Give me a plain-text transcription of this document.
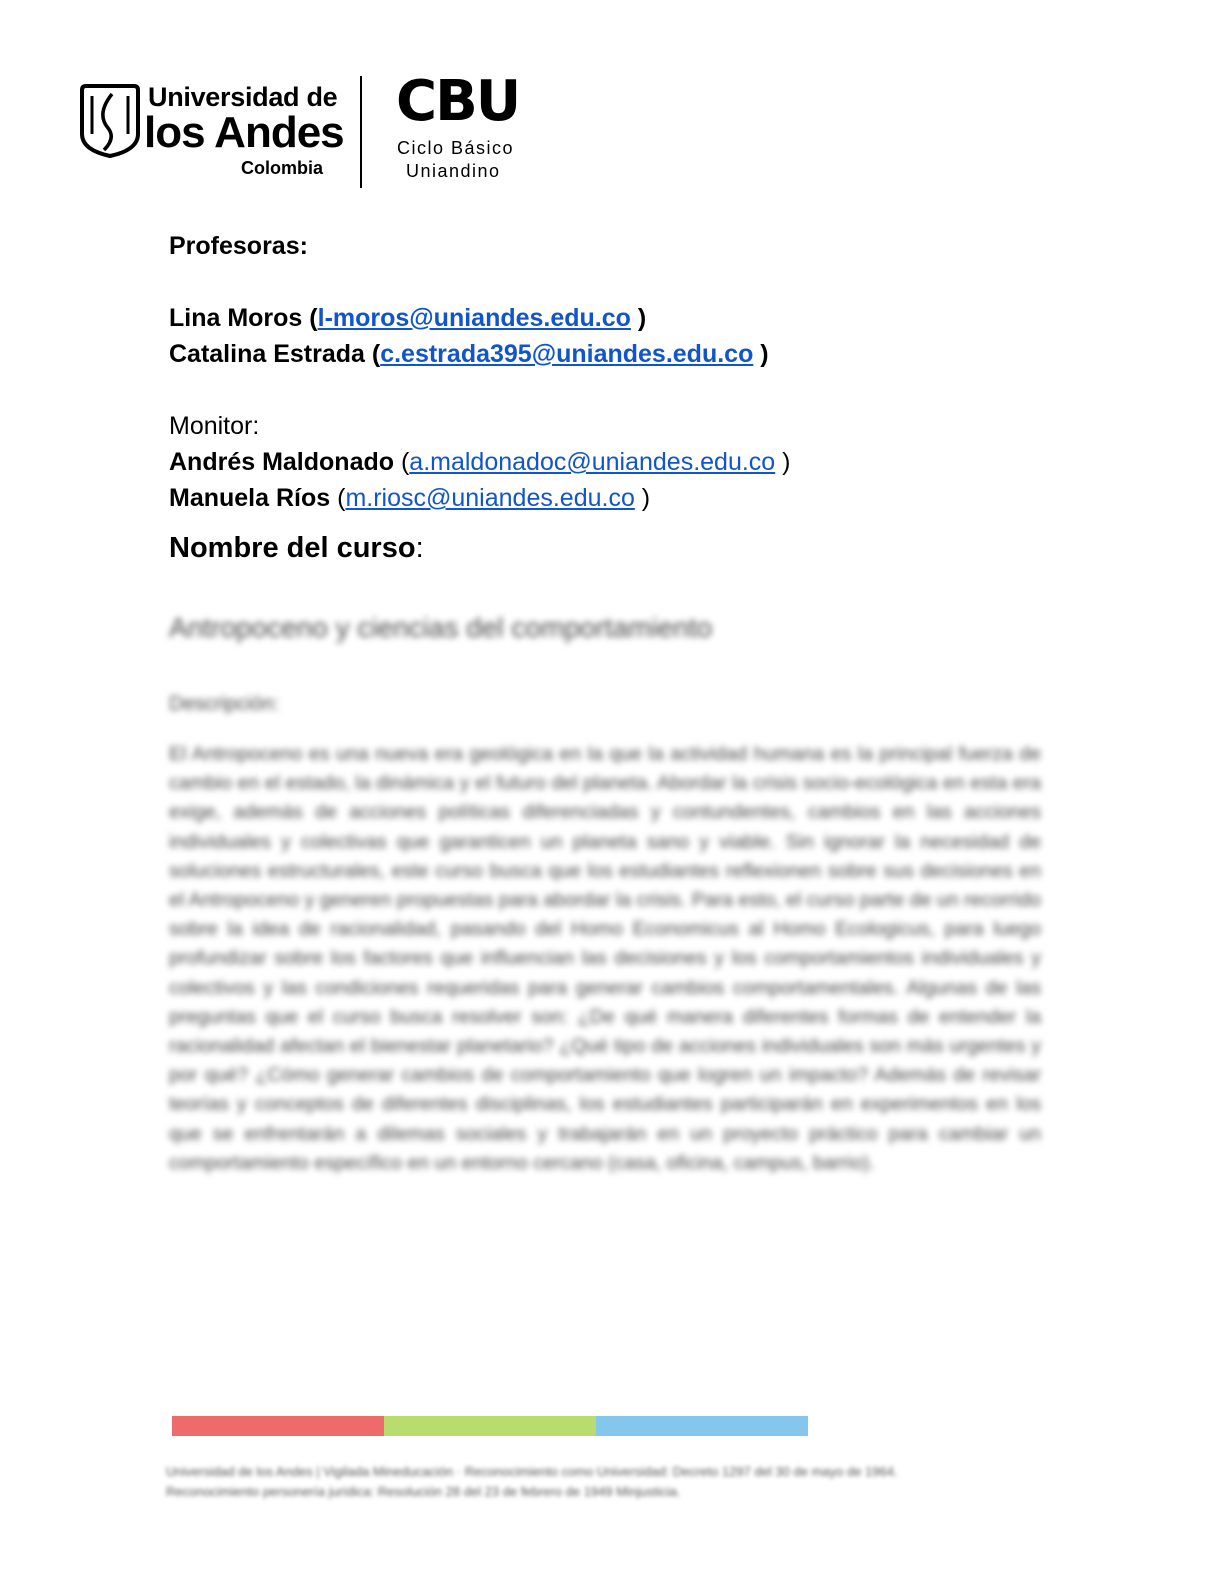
Universidad de
los Andes
Colombia
CBU
Ciclo Básico
Uniandino
Profesoras:
Lina Moros (l-moros@uniandes.edu.co )
Catalina Estrada (c.estrada395@uniandes.edu.co )
Monitor:
Andrés Maldonado (a.maldonadoc@uniandes.edu.co )
Manuela Ríos (m.riosc@uniandes.edu.co )
Nombre del curso:
Antropoceno y ciencias del comportamiento
Descripción:
El Antropoceno es una nueva era geológica en la que la actividad humana es la principal fuerza de cambio en el estado, la dinámica y el futuro del planeta. Abordar la crisis socio-ecológica en esta era exige, además de acciones políticas diferenciadas y contundentes, cambios en las acciones individuales y colectivas que garanticen un planeta sano y viable. Sin ignorar la necesidad de soluciones estructurales, este curso busca que los estudiantes reflexionen sobre sus decisiones en el Antropoceno y generen propuestas para abordar la crisis. Para esto, el curso parte de un recorrido sobre la idea de racionalidad, pasando del Homo Economicus al Homo Ecologicus, para luego profundizar sobre los factores que influencian las decisiones y los comportamientos individuales y colectivos y las condiciones requeridas para generar cambios comportamentales. Algunas de las preguntas que el curso busca resolver son: ¿De qué manera diferentes formas de entender la racionalidad afectan el bienestar planetario? ¿Qué tipo de acciones individuales son más urgentes y por qué? ¿Cómo generar cambios de comportamiento que logren un impacto? Además de revisar teorías y conceptos de diferentes disciplinas, los estudiantes participarán en experimentos en los que se enfrentarán a dilemas sociales y trabajarán en un proyecto práctico para cambiar un comportamiento específico en un entorno cercano (casa, oficina, campus, barrio).
Universidad de los Andes | Vigilada Mineducación · Reconocimiento como Universidad: Decreto 1297 del 30 de mayo de 1964. Reconocimiento personería jurídica: Resolución 28 del 23 de febrero de 1949 Minjusticia.
